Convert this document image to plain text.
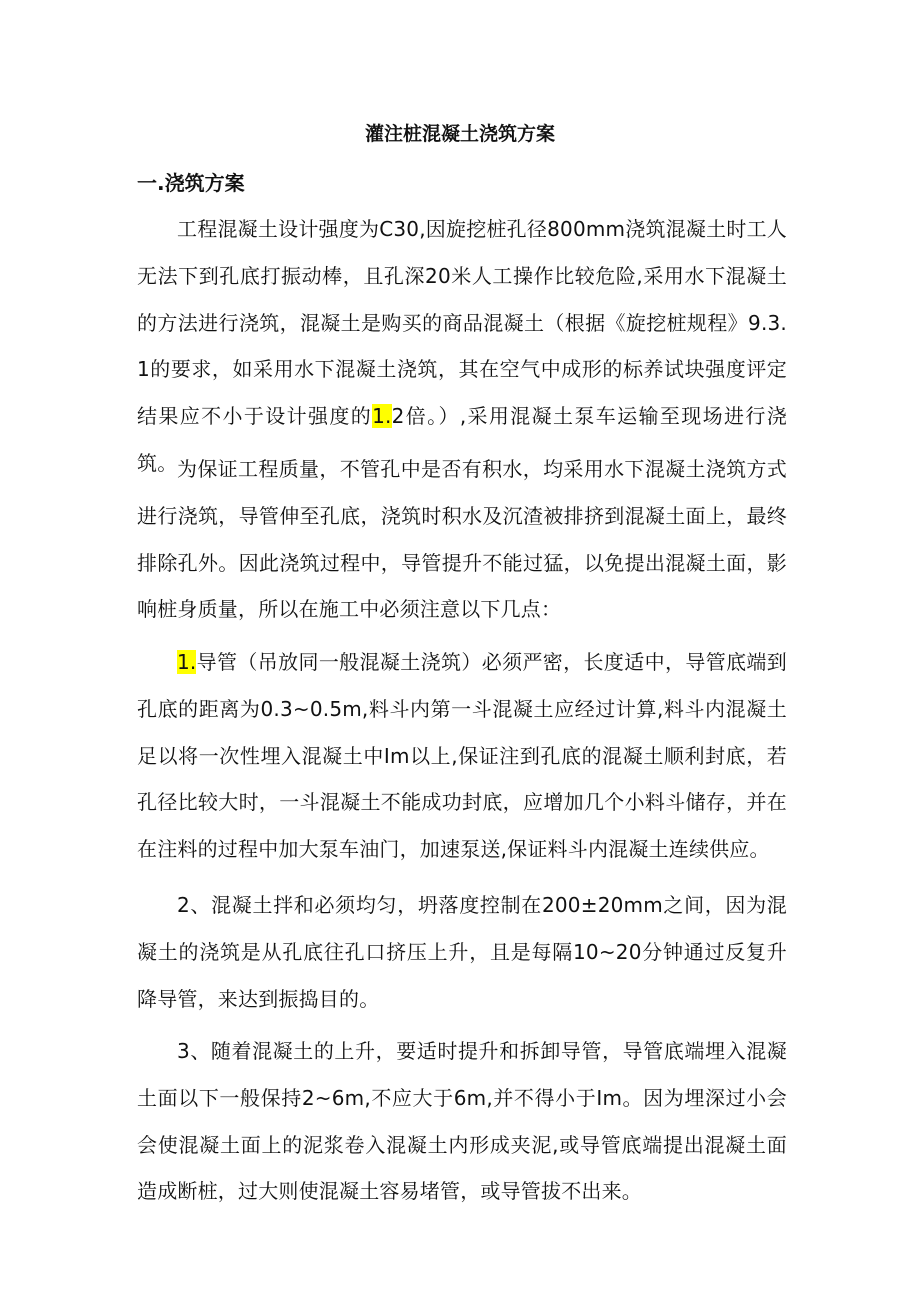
灌注桩混凝土浇筑方案
一.浇筑方案

工程混凝土设计强度为C30,因旋挖桩孔径800mm浇筑混凝土时工人无法下到孔底打振动棒，且孔深20米人工操作比较危险,采用水下混凝土的方法进行浇筑，混凝土是购买的商品混凝土（根据《旋挖桩规程》9.3.1的要求，如采用水下混凝土浇筑，其在空气中成形的标养试块强度评定结果应不小于设计强度的1.2倍。）,采用混凝土泵车运输至现场进行浇筑。 为保证工程质量，不管孔中是否有积水，均采用水下混凝土浇筑方式进行浇筑，导管伸至孔底，浇筑时积水及沉渣被排挤到混凝土面上，最终排除孔外。因此浇筑过程中，导管提升不能过猛，以免提出混凝土面，影响桩身质量，所以在施工中必须注意以下几点：

1.导管（吊放同一般混凝土浇筑）必须严密，长度适中，导管底端到孔底的距离为0.3~0.5m,料斗内第一斗混凝土应经过计算,料斗内混凝土足以将一次性埋入混凝土中Im以上,保证注到孔底的混凝土顺利封底，若孔径比较大时，一斗混凝土不能成功封底，应增加几个小料斗储存，并在在注料的过程中加大泵车油门，加速泵送,保证料斗内混凝土连续供应。

2、混凝土拌和必须均匀，坍落度控制在200±20mm之间，因为混凝土的浇筑是从孔底往孔口挤压上升，且是每隔10~20分钟通过反复升降导管，来达到振捣目的。

3、随着混凝土的上升，要适时提升和拆卸导管，导管底端埋入混凝土面以下一般保持2~6m,不应大于6m,并不得小于Im。因为埋深过小会会使混凝土面上的泥浆卷入混凝土内形成夹泥,或导管底端提出混凝土面造成断桩，过大则使混凝土容易堵管，或导管拔不出来。
